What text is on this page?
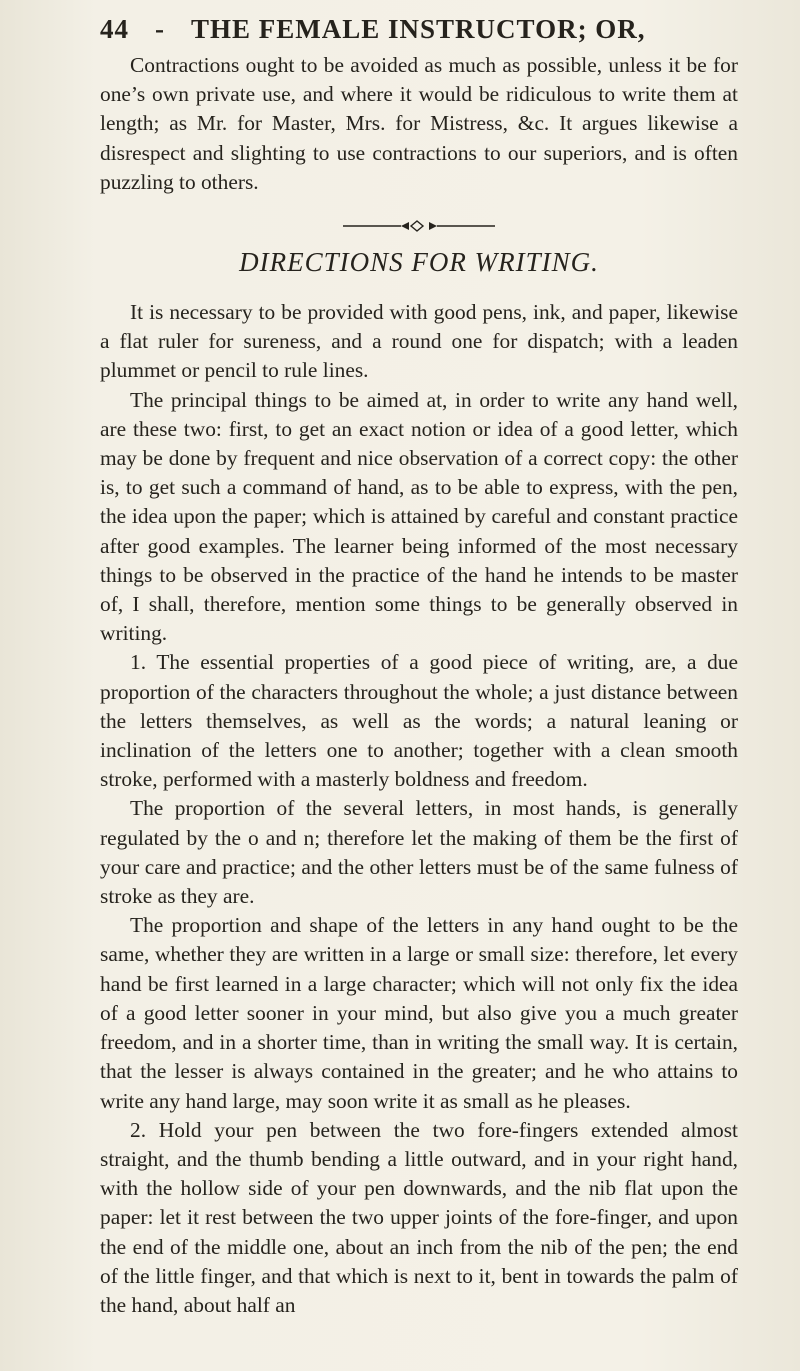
44 - THE FEMALE INSTRUCTOR; OR,

Contractions ought to be avoided as much as possible, unless it be for one’s own private use, and where it would be ridiculous to write them at length; as Mr. for Master, Mrs. for Mistress, &c. It argues likewise a disrespect and slighting to use contractions to our superiors, and is often puzzling to others.

DIRECTIONS FOR WRITING.

It is necessary to be provided with good pens, ink, and paper, likewise a flat ruler for sureness, and a round one for dispatch; with a leaden plummet or pencil to rule lines.

The principal things to be aimed at, in order to write any hand well, are these two: first, to get an exact notion or idea of a good letter, which may be done by frequent and nice observation of a correct copy: the other is, to get such a command of hand, as to be able to express, with the pen, the idea upon the paper; which is attained by careful and constant practice after good examples. The learner being informed of the most necessary things to be observed in the practice of the hand he intends to be master of, I shall, therefore, mention some things to be generally observed in writing.

1. The essential properties of a good piece of writing, are, a due proportion of the characters throughout the whole; a just distance between the letters themselves, as well as the words; a natural leaning or inclination of the letters one to another; together with a clean smooth stroke, performed with a masterly boldness and freedom.

The proportion of the several letters, in most hands, is generally regulated by the o and n; therefore let the making of them be the first of your care and practice; and the other letters must be of the same fulness of stroke as they are.

The proportion and shape of the letters in any hand ought to be the same, whether they are written in a large or small size: therefore, let every hand be first learned in a large character; which will not only fix the idea of a good letter sooner in your mind, but also give you a much greater freedom, and in a shorter time, than in writing the small way. It is certain, that the lesser is always contained in the greater; and he who attains to write any hand large, may soon write it as small as he pleases.

2. Hold your pen between the two fore-fingers extended almost straight, and the thumb bending a little outward, and in your right hand, with the hollow side of your pen downwards, and the nib flat upon the paper: let it rest between the two upper joints of the fore-finger, and upon the end of the middle one, about an inch from the nib of the pen; the end of the little finger, and that which is next to it, bent in towards the palm of the hand, about half an
